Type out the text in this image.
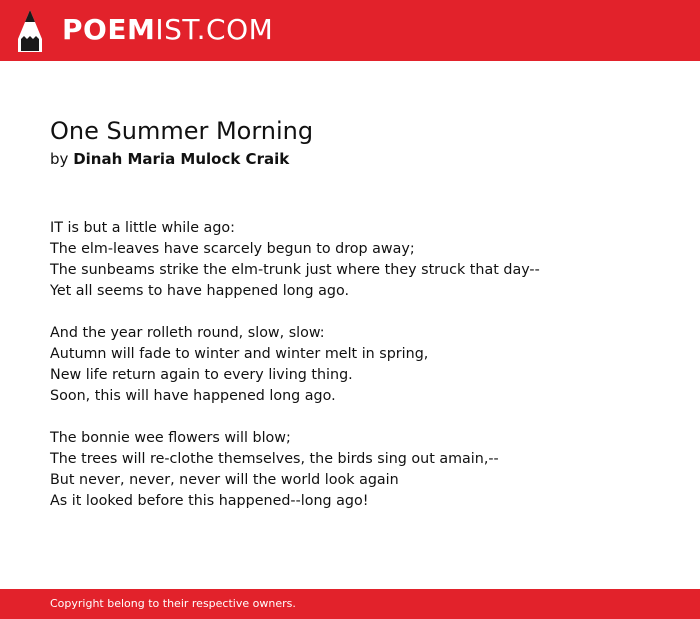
POEMIST.COM
One Summer Morning
by Dinah Maria Mulock Craik
IT is but a little while ago:
The elm-leaves have scarcely begun to drop away;
The sunbeams strike the elm-trunk just where they struck that day--
Yet all seems to have happened long ago.
And the year rolleth round, slow, slow:
Autumn will fade to winter and winter melt in spring,
New life return again to every living thing.
Soon, this will have happened long ago.
The bonnie wee flowers will blow;
The trees will re-clothe themselves, the birds sing out amain,--
But never, never, never will the world look again
As it looked before this happened--long ago!
Copyright belong to their respective owners.
